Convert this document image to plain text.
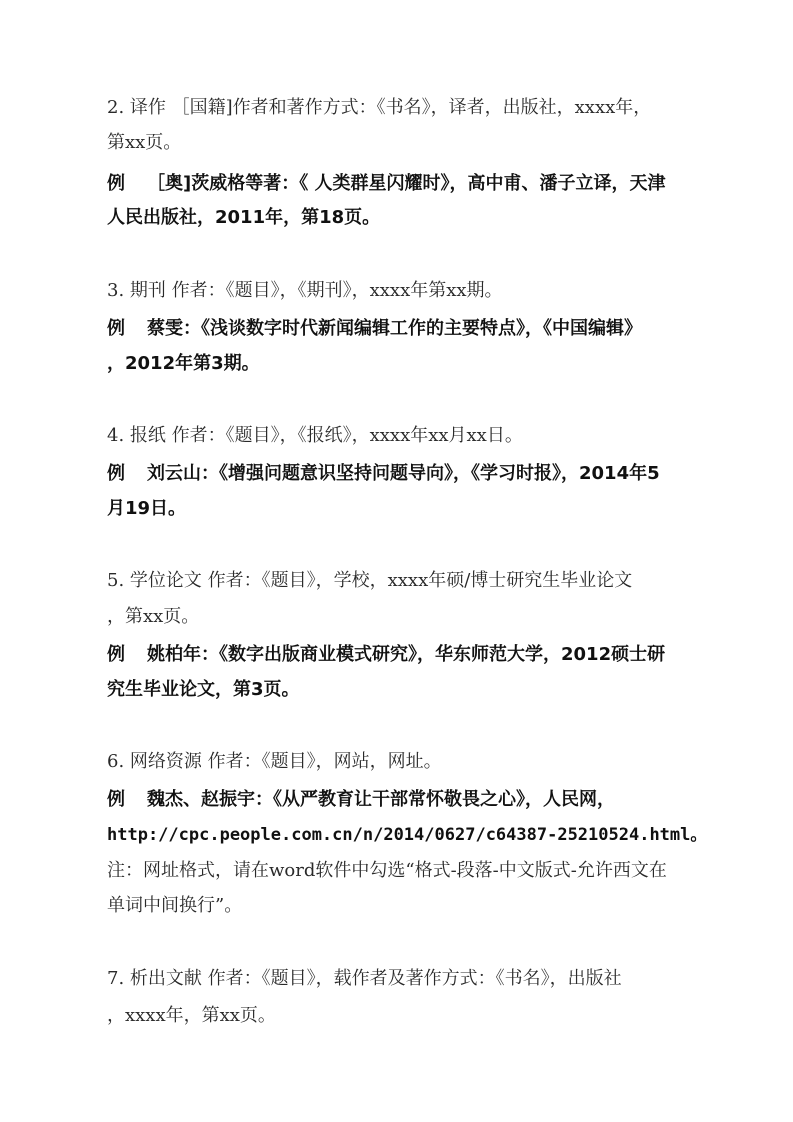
2. 译作 ［国籍]作者和著作方式：《书名》，译者，出版社，xxxx年，
第xx页。
例 ［奥]茨威格等著：《 人类群星闪耀时》，高中甫、潘子立译，天津
人民出版社，2011年，第18页。
3. 期刊 作者：《题目》，《期刊》，xxxx年第xx期。
例 蔡雯：《浅谈数字时代新闻编辑工作的主要特点》，《中国编辑》
，2012年第3期。
4. 报纸 作者：《题目》，《报纸》，xxxx年xx月xx日。
例 刘云山：《增强问题意识坚持问题导向》，《学习时报》，2014年5
月19日。
5. 学位论文 作者：《题目》，学校，xxxx年硕/博士研究生毕业论文
，第xx页。
例 姚柏年：《数字出版商业模式研究》，华东师范大学，2012硕士研
究生毕业论文，第3页。
6. 网络资源 作者：《题目》，网站，网址。
例 魏杰、赵振宇：《从严教育让干部常怀敬畏之心》，人民网，
http://cpc.people.com.cn/n/2014/0627/c64387-25210524.html。
注：网址格式，请在word软件中勾选“格式-段落-中文版式-允许西文在
单词中间换行”。
7. 析出文献 作者：《题目》，载作者及著作方式：《书名》，出版社
，xxxx年，第xx页。
